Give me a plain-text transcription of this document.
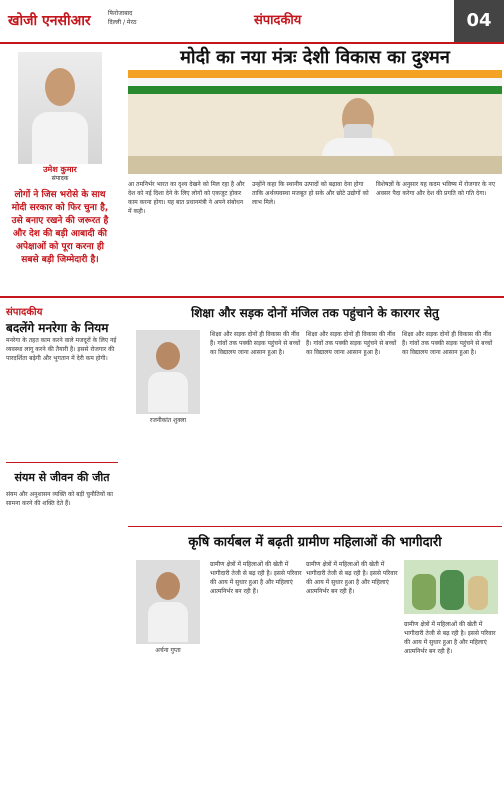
खोजी एनसीआर	फिरोजाबाद
दिल्ली / मेरठ	संपादकीय	04
उमेश कुमार
संपादक
लोगों ने जिस भरोसे के साथ मोदी सरकार को फिर चुना है, उसे बनाए रखने की जरूरत है और देश की बड़ी आबादी की अपेक्षाओं को पूरा करना ही सबसे बड़ी जिम्मेदारी है।
मोदी का नया मंत्रः देशी विकास का दुश्मन
आ तमनिर्भर भारत का दृश्य देखने को मिल रहा है और देश को नई दिशा देने के लिए लोगों को एकजुट होकर काम करना होगा। यह बात प्रधानमंत्री ने अपने संबोधन में कही।
उन्होंने कहा कि स्थानीय उत्पादों को बढ़ावा देना होगा ताकि अर्थव्यवस्था मजबूत हो सके और छोटे उद्योगों को लाभ मिले।
विशेषज्ञों के अनुसार यह कदम भविष्य में रोजगार के नए अवसर पैदा करेगा और देश की प्रगति को गति देगा।
संपादकीय
बदलेंगे मनरेगा के नियम
मनरेगा के तहत काम करने वाले मजदूरों के लिए नई व्यवस्था लागू करने की तैयारी है। इससे रोजगार की पारदर्शिता बढ़ेगी और भुगतान में देरी कम होगी।
संयम से जीवन की जीत
संयम और अनुशासन व्यक्ति को बड़ी चुनौतियों का सामना करने की शक्ति देते हैं।
शिक्षा और सड़क दोनों मंजिल तक पहुंचाने के कारगर सेतु
रजनीकांत शुक्ला
शिक्षा और सड़क दोनों ही विकास की नींव हैं। गांवों तक पक्की सड़क पहुंचने से बच्चों का विद्यालय जाना आसान हुआ है।
शिक्षा और सड़क दोनों ही विकास की नींव हैं। गांवों तक पक्की सड़क पहुंचने से बच्चों का विद्यालय जाना आसान हुआ है।
शिक्षा और सड़क दोनों ही विकास की नींव हैं। गांवों तक पक्की सड़क पहुंचने से बच्चों का विद्यालय जाना आसान हुआ है।
कृषि कार्यबल में बढ़ती ग्रामीण महिलाओं की भागीदारी
अर्चना गुप्ता
ग्रामीण क्षेत्रों में महिलाओं की खेती में भागीदारी तेजी से बढ़ रही है। इससे परिवार की आय में सुधार हुआ है और महिलाएं आत्मनिर्भर बन रही हैं।
ग्रामीण क्षेत्रों में महिलाओं की खेती में भागीदारी तेजी से बढ़ रही है। इससे परिवार की आय में सुधार हुआ है और महिलाएं आत्मनिर्भर बन रही हैं।
ग्रामीण क्षेत्रों में महिलाओं की खेती में भागीदारी तेजी से बढ़ रही है। इससे परिवार की आय में सुधार हुआ है और महिलाएं आत्मनिर्भर बन रही हैं।
